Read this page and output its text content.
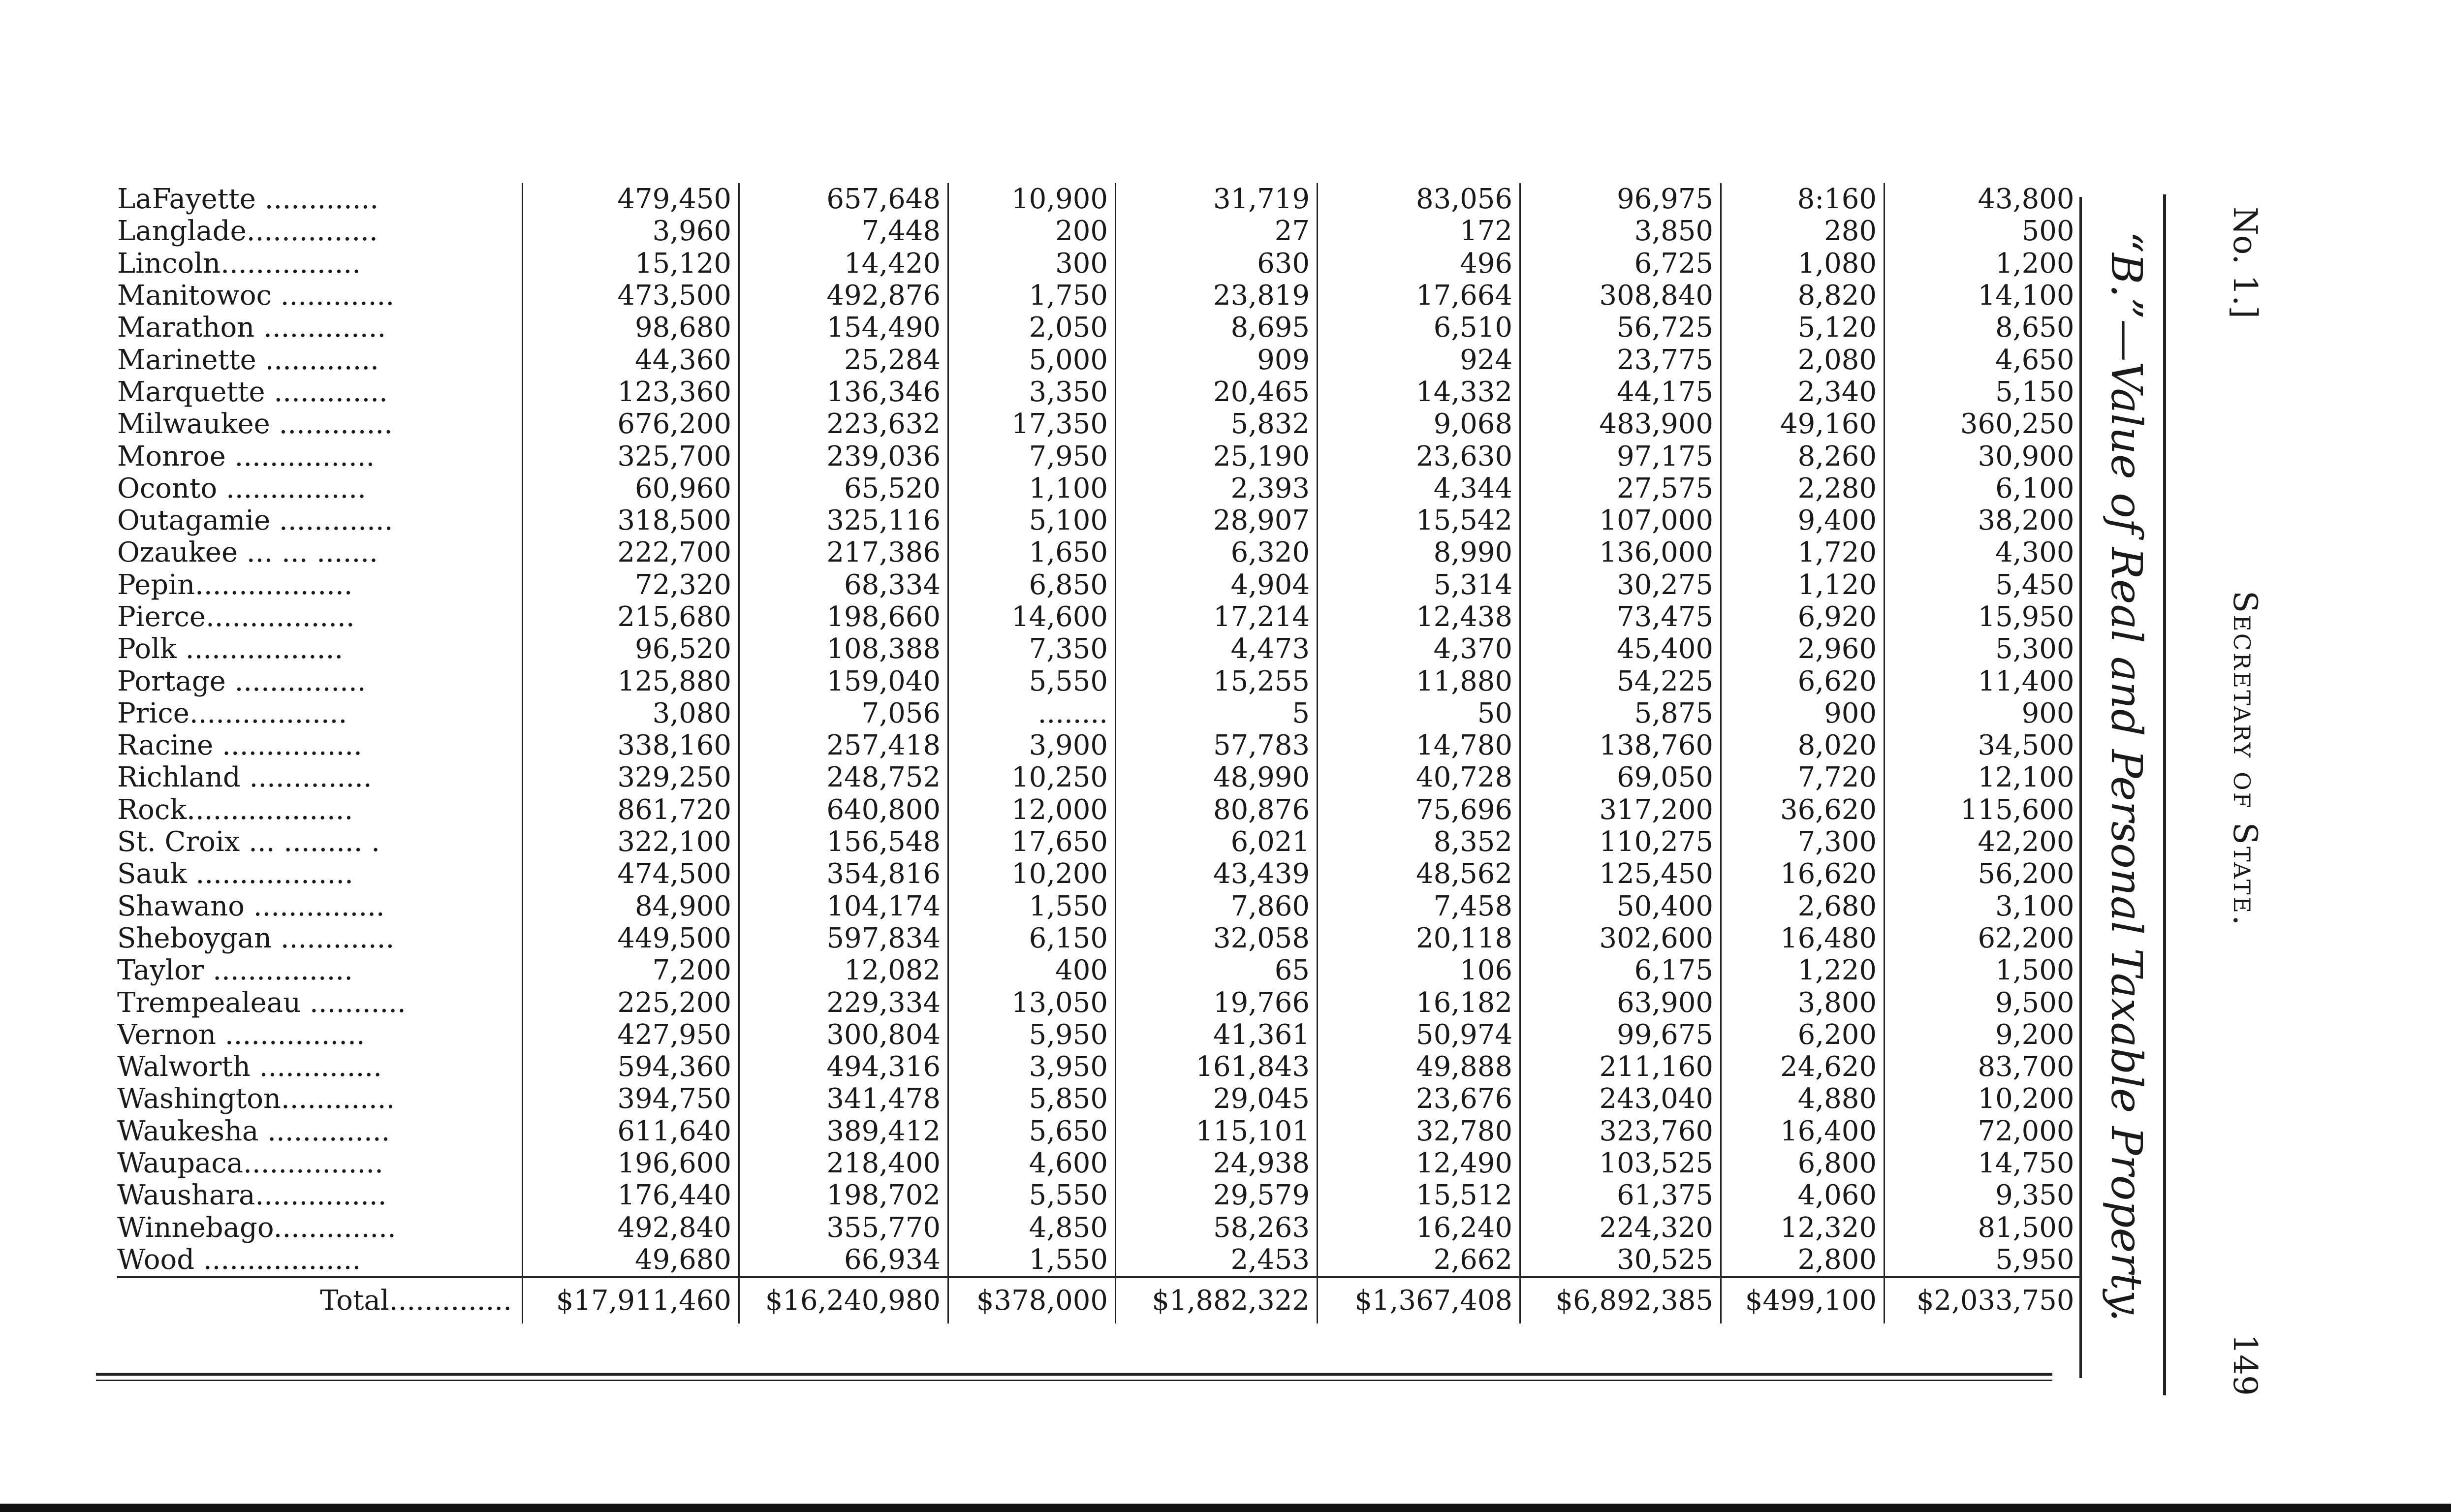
LaFayette .............	479,450	657,648	10,900	31,719	83,056	96,975	8:160	43,800
Langlade...............	3,960	7,448	200	27	172	3,850	280	500
Lincoln................	15,120	14,420	300	630	496	6,725	1,080	1,200
Manitowoc .............	473,500	492,876	1,750	23,819	17,664	308,840	8,820	14,100
Marathon ..............	98,680	154,490	2,050	8,695	6,510	56,725	5,120	8,650
Marinette .............	44,360	25,284	5,000	909	924	23,775	2,080	4,650
Marquette .............	123,360	136,346	3,350	20,465	14,332	44,175	2,340	5,150
Milwaukee .............	676,200	223,632	17,350	5,832	9,068	483,900	49,160	360,250
Monroe ................	325,700	239,036	7,950	25,190	23,630	97,175	8,260	30,900
Oconto ................	60,960	65,520	1,100	2,393	4,344	27,575	2,280	6,100
Outagamie .............	318,500	325,116	5,100	28,907	15,542	107,000	9,400	38,200
Ozaukee ... ... .......	222,700	217,386	1,650	6,320	8,990	136,000	1,720	4,300
Pepin..................	72,320	68,334	6,850	4,904	5,314	30,275	1,120	5,450
Pierce.................	215,680	198,660	14,600	17,214	12,438	73,475	6,920	15,950
Polk ..................	96,520	108,388	7,350	4,473	4,370	45,400	2,960	5,300
Portage ...............	125,880	159,040	5,550	15,255	11,880	54,225	6,620	11,400
Price..................	3,080	7,056	........	5	50	5,875	900	900
Racine ................	338,160	257,418	3,900	57,783	14,780	138,760	8,020	34,500
Richland ..............	329,250	248,752	10,250	48,990	40,728	69,050	7,720	12,100
Rock...................	861,720	640,800	12,000	80,876	75,696	317,200	36,620	115,600
St. Croix ... ......... .	322,100	156,548	17,650	6,021	8,352	110,275	7,300	42,200
Sauk ..................	474,500	354,816	10,200	43,439	48,562	125,450	16,620	56,200
Shawano ...............	84,900	104,174	1,550	7,860	7,458	50,400	2,680	3,100
Sheboygan .............	449,500	597,834	6,150	32,058	20,118	302,600	16,480	62,200
Taylor ................	7,200	12,082	400	65	106	6,175	1,220	1,500
Trempealeau ...........	225,200	229,334	13,050	19,766	16,182	63,900	3,800	9,500
Vernon ................	427,950	300,804	5,950	41,361	50,974	99,675	6,200	9,200
Walworth ..............	594,360	494,316	3,950	161,843	49,888	211,160	24,620	83,700
Washington.............	394,750	341,478	5,850	29,045	23,676	243,040	4,880	10,200
Waukesha ..............	611,640	389,412	5,650	115,101	32,780	323,760	16,400	72,000
Waupaca................	196,600	218,400	4,600	24,938	12,490	103,525	6,800	14,750
Waushara...............	176,440	198,702	5,550	29,579	15,512	61,375	4,060	9,350
Winnebago..............	492,840	355,770	4,850	58,263	16,240	224,320	12,320	81,500
Wood ..................	49,680	66,934	1,550	2,453	2,662	30,525	2,800	5,950
Total..............	$17,911,460	$16,240,980	$378,000	$1,882,322	$1,367,408	$6,892,385	$499,100	$2,033,750 “B.”—Value of Real and Personal Taxable Property. No. 1.]
Secretary of State.
149
